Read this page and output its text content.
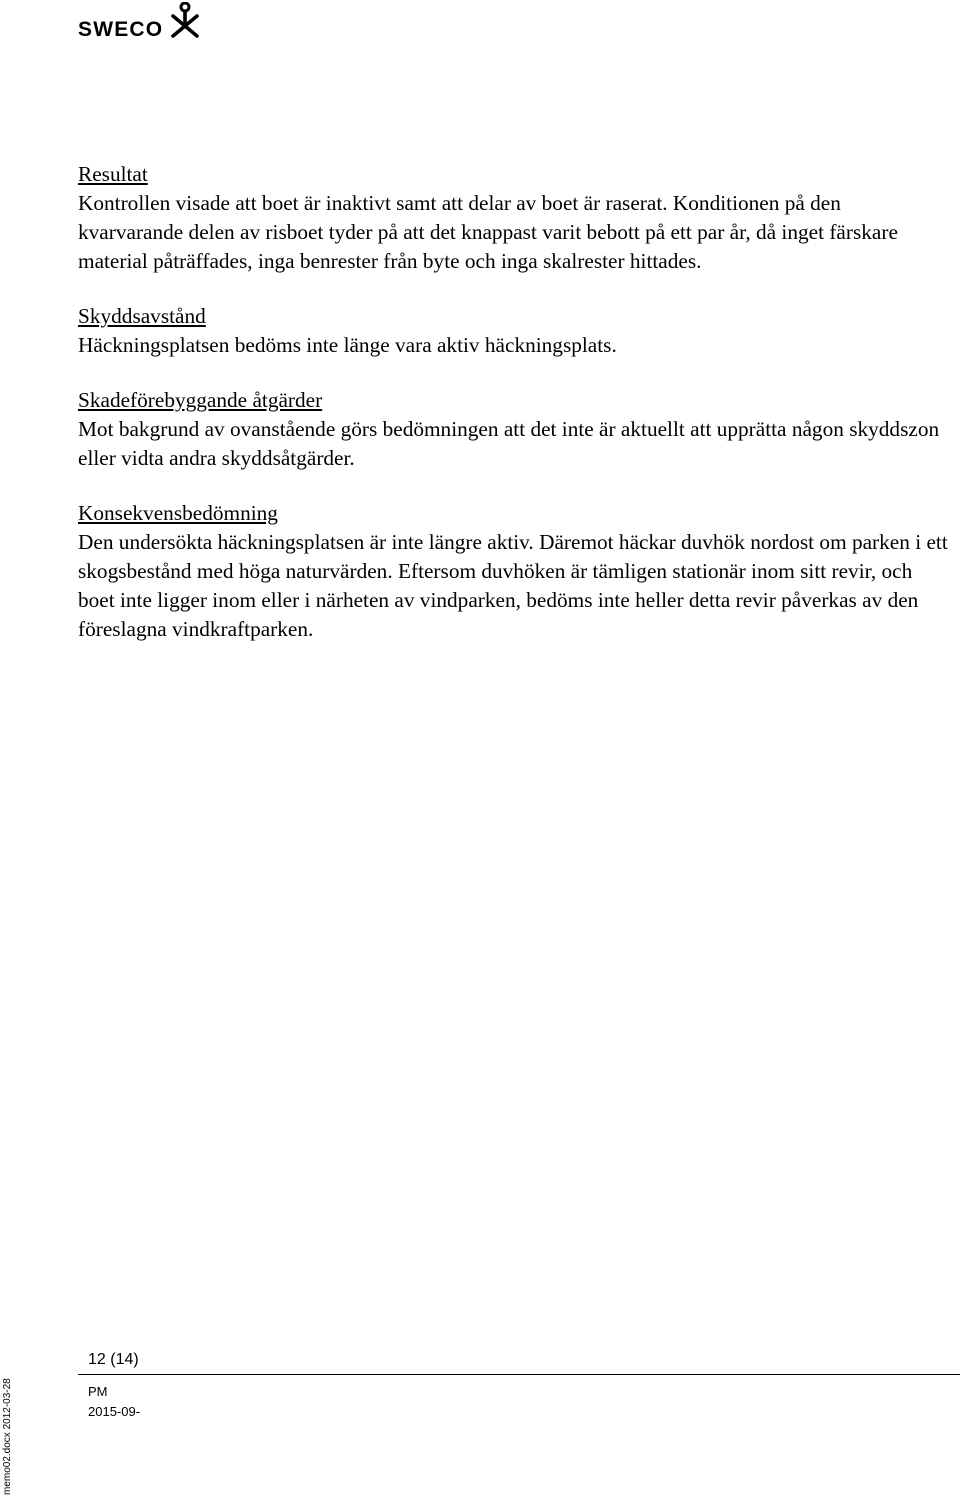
SWECO
Resultat
Kontrollen visade att boet är inaktivt samt att delar av boet är raserat. Konditionen på den kvarvarande delen av risboet tyder på att det knappast varit bebott på ett par år, då inget färskare material påträffades, inga benrester från byte och inga skalrester hittades.
Skyddsavstånd
Häckningsplatsen bedöms inte länge vara aktiv häckningsplats.
Skadeförebyggande åtgärder
Mot bakgrund av ovanstående görs bedömningen att det inte är aktuellt att upprätta någon skyddszon eller vidta andra skyddsåtgärder.
Konsekvensbedömning
Den undersökta häckningsplatsen är inte längre aktiv. Däremot häckar duvhök nordost om parken i ett skogsbestånd med höga naturvärden. Eftersom duvhöken är tämligen stationär inom sitt revir, och boet inte ligger inom eller i närheten av vindparken, bedöms inte heller detta revir påverkas av den föreslagna vindkraftparken.
12 (14)
PM
2015-09-
memo02.docx 2012-03-28
